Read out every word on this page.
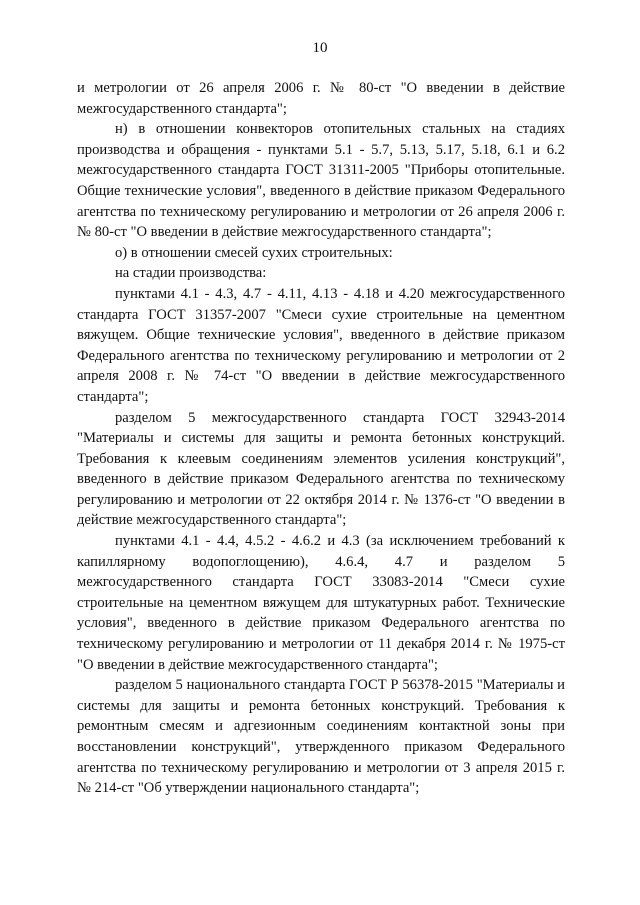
10

и метрологии от 26 апреля 2006 г. № 80-ст "О введении в действие межгосударственного стандарта";

н) в отношении конвекторов отопительных стальных на стадиях производства и обращения - пунктами 5.1 - 5.7, 5.13, 5.17, 5.18, 6.1 и 6.2 межгосударственного стандарта ГОСТ 31311-2005 "Приборы отопительные. Общие технические условия", введенного в действие приказом Федерального агентства по техническому регулированию и метрологии от 26 апреля 2006 г. № 80-ст "О введении в действие межгосударственного стандарта";

о) в отношении смесей сухих строительных:

на стадии производства:

пунктами 4.1 - 4.3, 4.7 - 4.11, 4.13 - 4.18 и 4.20 межгосударственного стандарта ГОСТ 31357-2007 "Смеси сухие строительные на цементном вяжущем. Общие технические условия", введенного в действие приказом Федерального агентства по техническому регулированию и метрологии от 2 апреля 2008 г. № 74-ст "О введении в действие межгосударственного стандарта";

разделом 5 межгосударственного стандарта ГОСТ 32943-2014 "Материалы и системы для защиты и ремонта бетонных конструкций. Требования к клеевым соединениям элементов усиления конструкций", введенного в действие приказом Федерального агентства по техническому регулированию и метрологии от 22 октября 2014 г. № 1376-ст "О введении в действие межгосударственного стандарта";

пунктами 4.1 - 4.4, 4.5.2 - 4.6.2 и 4.3 (за исключением требований к капиллярному водопоглощению), 4.6.4, 4.7 и разделом 5 межгосударственного стандарта ГОСТ 33083-2014 "Смеси сухие строительные на цементном вяжущем для штукатурных работ. Технические условия", введенного в действие приказом Федерального агентства по техническому регулированию и метрологии от 11 декабря 2014 г. № 1975-ст "О введении в действие межгосударственного стандарта";

разделом 5 национального стандарта ГОСТ Р 56378-2015 "Материалы и системы для защиты и ремонта бетонных конструкций. Требования к ремонтным смесям и адгезионным соединениям контактной зоны при восстановлении конструкций", утвержденного приказом Федерального агентства по техническому регулированию и метрологии от 3 апреля 2015 г. № 214-ст "Об утверждении национального стандарта";
